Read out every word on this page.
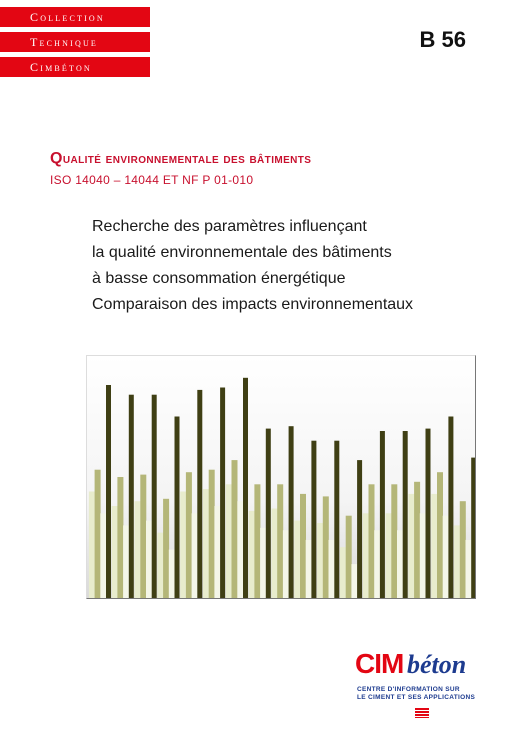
Collection
Technique
Cimbéton
B 56
Qualité environnementale des bâtiments
ISO 14040 – 14044 ET NF P 01-010
Recherche des paramètres influençant
la qualité environnementale des bâtiments
à basse consommation énergétique
Comparaison des impacts environnementaux
CIM béton
CENTRE D'INFORMATION SUR
LE CIMENT ET SES APPLICATIONS
